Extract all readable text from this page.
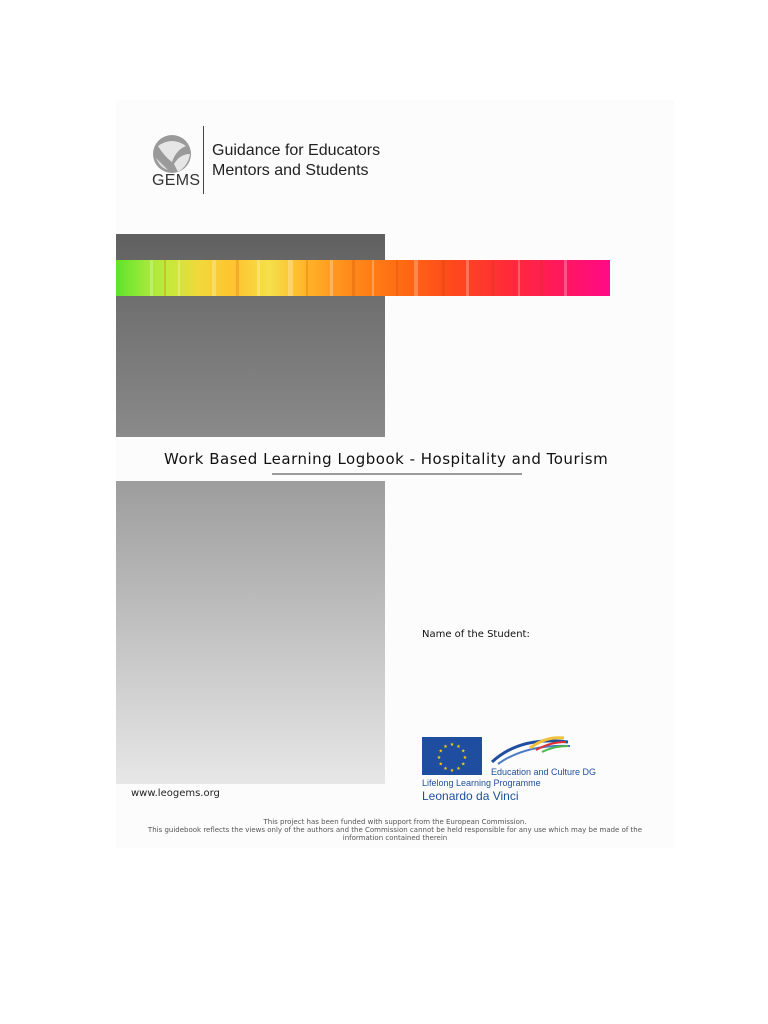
GEMS
Guidance for Educators
Mentors and Students
Work Based Learning Logbook - Hospitality and Tourism
Name of the Student:
★ ★
★
★
★
★
★
★
★
★
★
★
Education and Culture DG
Lifelong Learning Programme
Leonardo da Vinci
www.leogems.org
This project has been funded with support from the European Commission.
This guidebook reflects the views only of the authors and the Commission cannot be held responsible for any use which may be made of the
information contained therein
